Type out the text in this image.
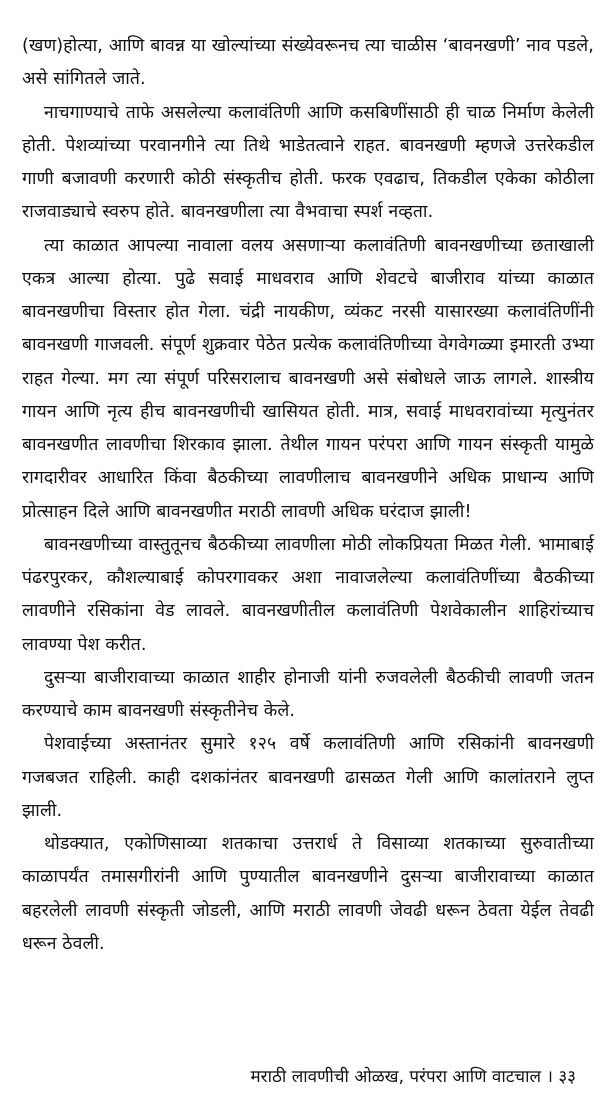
(खण)होत्या, आणि बावन्न या खोल्यांच्या संख्येवरूनच त्या चाळीस ‘बावनखणी’ नाव पडले, असे सांगितले जाते.

नाचगाण्याचे ताफे असलेल्या कलावंतिणी आणि कसबिणींसाठी ही चाळ निर्माण केलेली होती. पेशव्यांच्या परवानगीने त्या तिथे भाडेतत्वाने राहत. बावनखणी म्हणजे उत्तरेकडील गाणी बजावणी करणारी कोठी संस्कृतीच होती. फरक एवढाच, तिकडील एकेका कोठीला राजवाड्याचे स्वरुप होते. बावनखणीला त्या वैभवाचा स्पर्श नव्हता.

त्या काळात आपल्या नावाला वलय असणाऱ्या कलावंतिणी बावनखणीच्या छताखाली एकत्र आल्या होत्या. पुढे सवाई माधवराव आणि शेवटचे बाजीराव यांच्या काळात बावनखणीचा विस्तार होत गेला. चंद्री नायकीण, व्यंकट नरसी यासारख्या कलावंतिणींनी बावनखणी गाजवली. संपूर्ण शुक्रवार पेठेत प्रत्येक कलावंतिणीच्या वेगवेगळ्या इमारती उभ्या राहत गेल्या. मग त्या संपूर्ण परिसरालाच बावनखणी असे संबोधले जाऊ लागले. शास्त्रीय गायन आणि नृत्य हीच बावनखणीची खासियत होती. मात्र, सवाई माधवरावांच्या मृत्युनंतर बावनखणीत लावणीचा शिरकाव झाला. तेथील गायन परंपरा आणि गायन संस्कृती यामुळे रागदारीवर आधारित किंवा बैठकीच्या लावणीलाच बावनखणीने अधिक प्राधान्य आणि प्रोत्साहन दिले आणि बावनखणीत मराठी लावणी अधिक घरंदाज झाली!

बावनखणीच्या वास्तुतूनच बैठकीच्या लावणीला मोठी लोकप्रियता मिळत गेली. भामाबाई पंढरपुरकर, कौशल्याबाई कोपरगावकर अशा नावाजलेल्या कलावंतिणींच्या बैठकीच्या लावणीने रसिकांना वेड लावले. बावनखणीतील कलावंतिणी पेशवेकालीन शाहिरांच्याच लावण्या पेश करीत.

दुसऱ्या बाजीरावाच्या काळात शाहीर होनाजी यांनी रुजवलेली बैठकीची लावणी जतन करण्याचे काम बावनखणी संस्कृतीनेच केले.

पेशवाईच्या अस्तानंतर सुमारे १२५ वर्षे कलावंतिणी आणि रसिकांनी बावनखणी गजबजत राहिली. काही दशकांनंतर बावनखणी ढासळत गेली आणि कालांतराने लुप्त झाली.

थोडक्यात, एकोणिसाव्या शतकाचा उत्तरार्ध ते विसाव्या शतकाच्या सुरुवातीच्या काळापर्यंत तमासगीरांनी आणि पुण्यातील बावनखणीने दुसऱ्या बाजीरावाच्या काळात बहरलेली लावणी संस्कृती जोडली, आणि मराठी लावणी जेवढी धरून ठेवता येईल तेवढी धरून ठेवली.

मराठी लावणीची ओळख, परंपरा आणि वाटचाल । ३३
